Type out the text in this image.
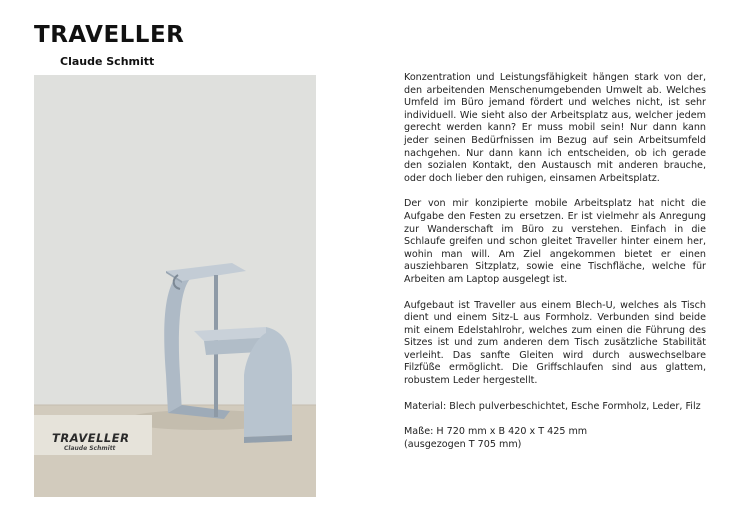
TRAVELLER
Claude Schmitt
TRAVELLER
Claude Schmitt

Konzentration und Leistungsfähigkeit hängen stark von der, den arbeitenden Menschenumgebenden Umwelt ab. Welches Umfeld im Büro jemand fördert und welches nicht, ist sehr individuell. Wie sieht also der Arbeitsplatz aus, welcher jedem gerecht werden kann? Er muss mobil sein! Nur dann kann jeder seinen Bedürfnissen im Bezug auf sein Arbeitsumfeld nachgehen. Nur dann kann ich entscheiden, ob ich gerade den sozialen Kontakt, den Austausch mit anderen brauche, oder doch lieber den ruhigen, einsamen Arbeitsplatz.

Der von mir konzipierte mobile Arbeitsplatz hat nicht die Aufgabe den Festen zu ersetzen. Er ist vielmehr als Anregung zur Wanderschaft im Büro zu verstehen. Einfach in die Schlaufe greifen und schon gleitet Traveller hinter einem her, wohin man will. Am Ziel angekommen bietet er einen ausziehbaren Sitzplatz, sowie eine Tischfläche, welche für Arbeiten am Laptop ausgelegt ist.

Aufgebaut ist Traveller aus einem Blech-U, welches als Tisch dient und einem Sitz-L aus Formholz. Verbunden sind beide mit einem Edelstahlrohr, welches zum einen die Führung des Sitzes ist und zum anderen dem Tisch zusätzliche Stabilität verleiht. Das sanfte Gleiten wird durch auswechselbare Filzfüße ermöglicht. Die Griffschlaufen sind aus glattem, robustem Leder hergestellt.

Material: Blech pulverbeschichtet, Esche Formholz, Leder, Filz

Maße: H 720 mm x B 420 x T 425 mm
(ausgezogen T 705 mm)
